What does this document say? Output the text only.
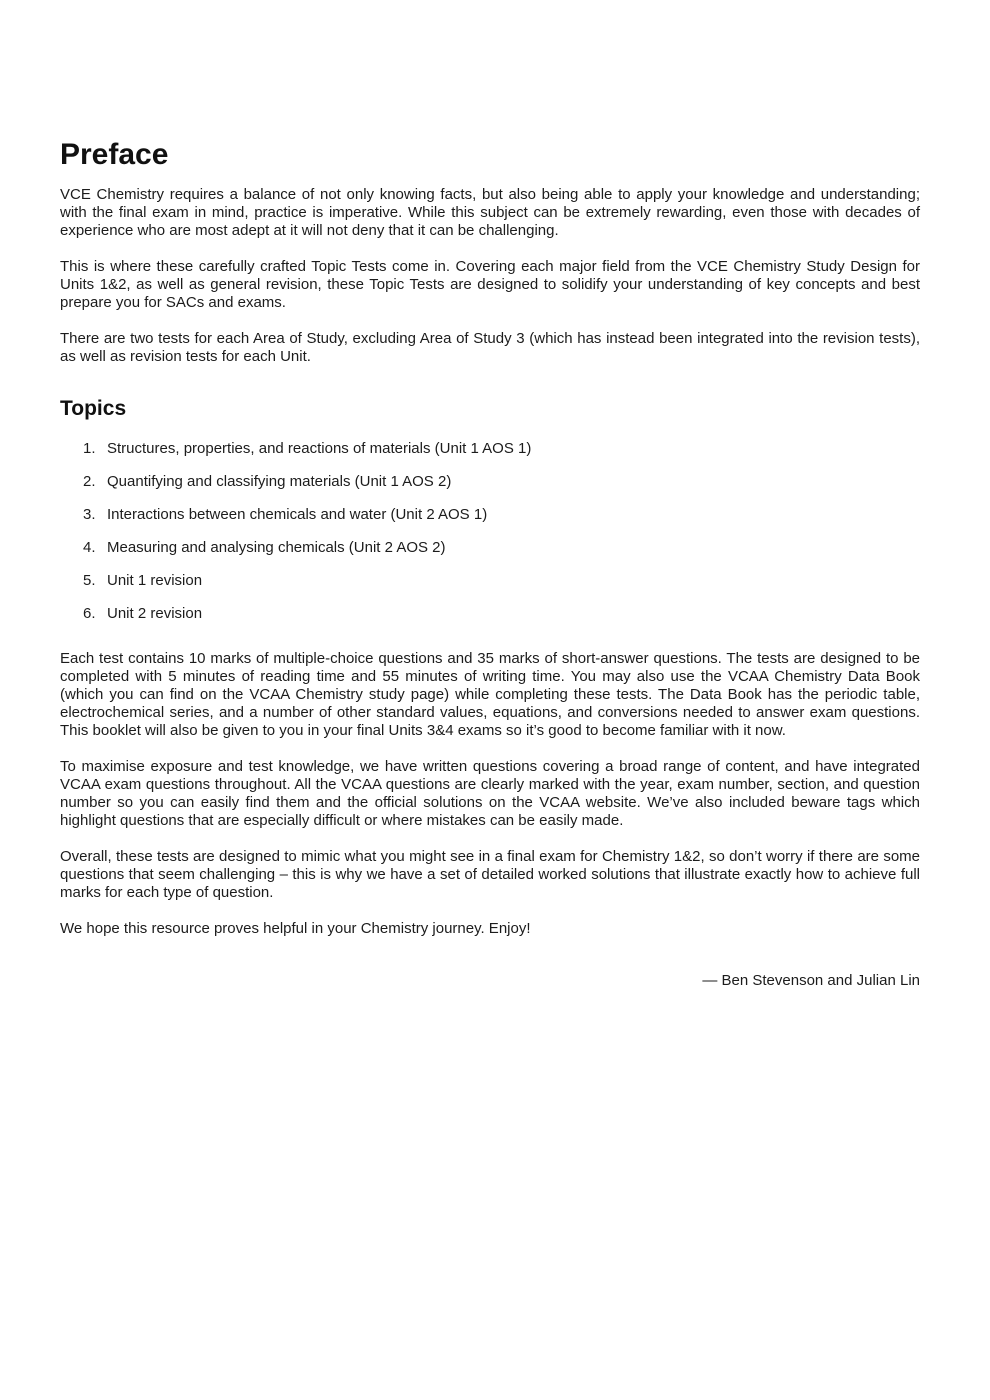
Preface

VCE Chemistry requires a balance of not only knowing facts, but also being able to apply your knowledge and understanding; with the final exam in mind, practice is imperative. While this subject can be extremely rewarding, even those with decades of experience who are most adept at it will not deny that it can be challenging.

This is where these carefully crafted Topic Tests come in. Covering each major field from the VCE Chemistry Study Design for Units 1&2, as well as general revision, these Topic Tests are designed to solidify your understanding of key concepts and best prepare you for SACs and exams.

There are two tests for each Area of Study, excluding Area of Study 3 (which has instead been integrated into the revision tests), as well as revision tests for each Unit.

Topics
1. Structures, properties, and reactions of materials (Unit 1 AOS 1)
2. Quantifying and classifying materials (Unit 1 AOS 2)
3. Interactions between chemicals and water (Unit 2 AOS 1)
4. Measuring and analysing chemicals (Unit 2 AOS 2)
5. Unit 1 revision
6. Unit 2 revision

Each test contains 10 marks of multiple-choice questions and 35 marks of short-answer questions. The tests are designed to be completed with 5 minutes of reading time and 55 minutes of writing time. You may also use the VCAA Chemistry Data Book (which you can find on the VCAA Chemistry study page) while completing these tests. The Data Book has the periodic table, electrochemical series, and a number of other standard values, equations, and conversions needed to answer exam questions. This booklet will also be given to you in your final Units 3&4 exams so it’s good to become familiar with it now.

To maximise exposure and test knowledge, we have written questions covering a broad range of content, and have integrated VCAA exam questions throughout. All the VCAA questions are clearly marked with the year, exam number, section, and question number so you can easily find them and the official solutions on the VCAA website. We’ve also included beware tags which highlight questions that are especially difficult or where mistakes can be easily made.

Overall, these tests are designed to mimic what you might see in a final exam for Chemistry 1&2, so don’t worry if there are some questions that seem challenging – this is why we have a set of detailed worked solutions that illustrate exactly how to achieve full marks for each type of question.

We hope this resource proves helpful in your Chemistry journey. Enjoy!

— Ben Stevenson and Julian Lin
